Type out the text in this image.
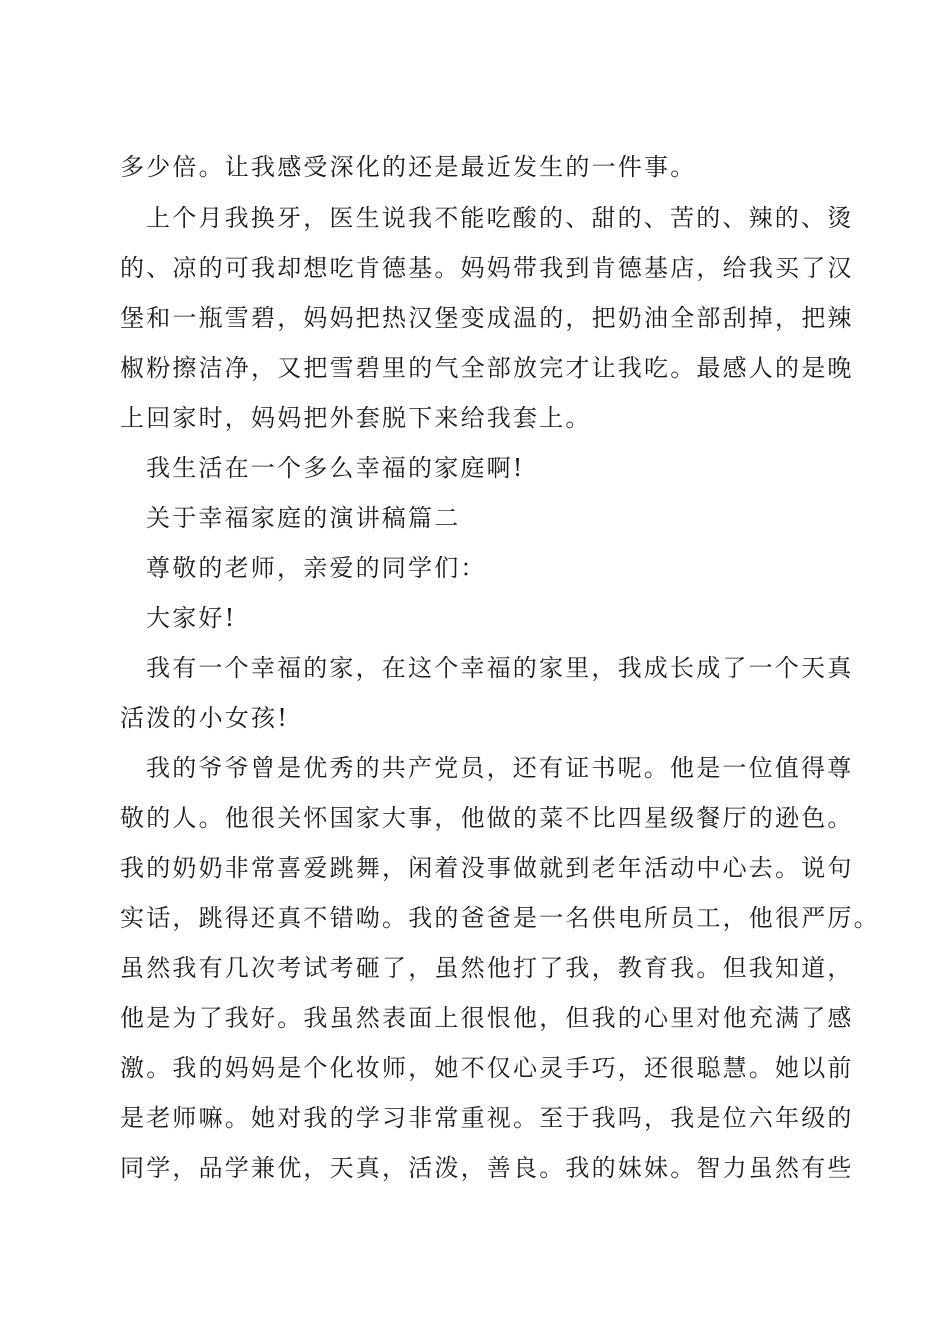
多少倍。让我感受深化的还是最近发生的一件事。
上个月我换牙，医生说我不能吃酸的、甜的、苦的、辣的、烫
的、凉的可我却想吃肯德基。妈妈带我到肯德基店，给我买了汉
堡和一瓶雪碧，妈妈把热汉堡变成温的，把奶油全部刮掉，把辣
椒粉擦洁净，又把雪碧里的气全部放完才让我吃。最感人的是晚
上回家时，妈妈把外套脱下来给我套上。
我生活在一个多么幸福的家庭啊!
关于幸福家庭的演讲稿篇二
尊敬的老师，亲爱的同学们：
大家好!
我有一个幸福的家，在这个幸福的家里，我成长成了一个天真
活泼的小女孩!
我的爷爷曾是优秀的共产党员，还有证书呢。他是一位值得尊
敬的人。他很关怀国家大事，他做的菜不比四星级餐厅的逊色。
我的奶奶非常喜爱跳舞，闲着没事做就到老年活动中心去。说句
实话，跳得还真不错呦。我的爸爸是一名供电所员工，他很严厉。
虽然我有几次考试考砸了，虽然他打了我，教育我。但我知道，
他是为了我好。我虽然表面上很恨他，但我的心里对他充满了感
激。我的妈妈是个化妆师，她不仅心灵手巧，还很聪慧。她以前
是老师嘛。她对我的学习非常重视。至于我吗，我是位六年级的
同学，品学兼优，天真，活泼，善良。我的妹妹。智力虽然有些
